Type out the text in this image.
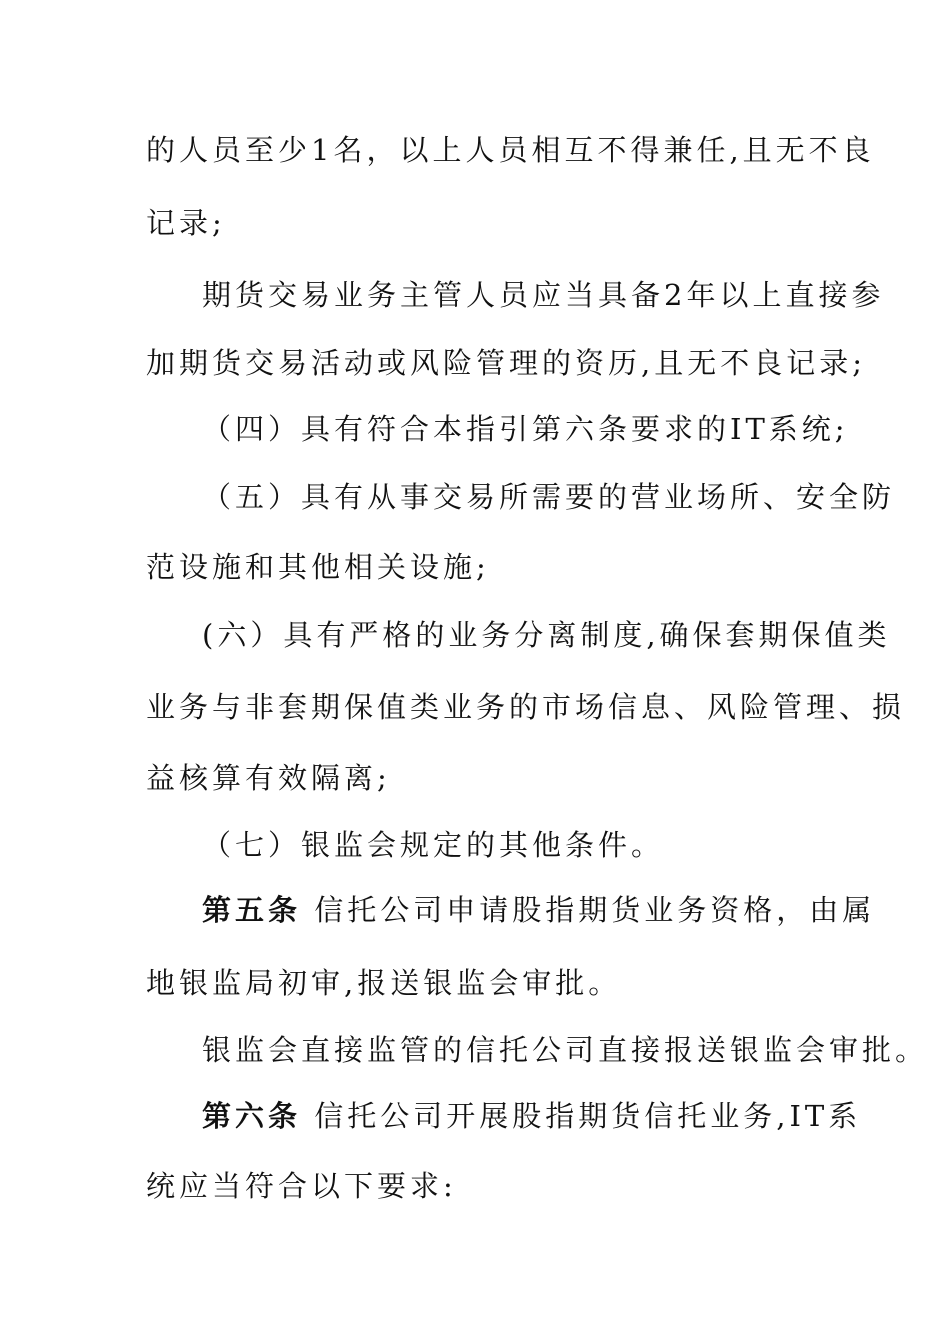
的人员至少1名，以上人员相互不得兼任,且无不良
记录;
期货交易业务主管人员应当具备2年以上直接参
加期货交易活动或风险管理的资历,且无不良记录;
（四）具有符合本指引第六条要求的IT系统;
（五）具有从事交易所需要的营业场所、安全防
范设施和其他相关设施;
(六）具有严格的业务分离制度,确保套期保值类
业务与非套期保值类业务的市场信息、风险管理、损
益核算有效隔离;
（七）银监会规定的其他条件。
第五条 信托公司申请股指期货业务资格，由属
地银监局初审,报送银监会审批。
银监会直接监管的信托公司直接报送银监会审批。
第六条 信托公司开展股指期货信托业务,IT系
统应当符合以下要求:
